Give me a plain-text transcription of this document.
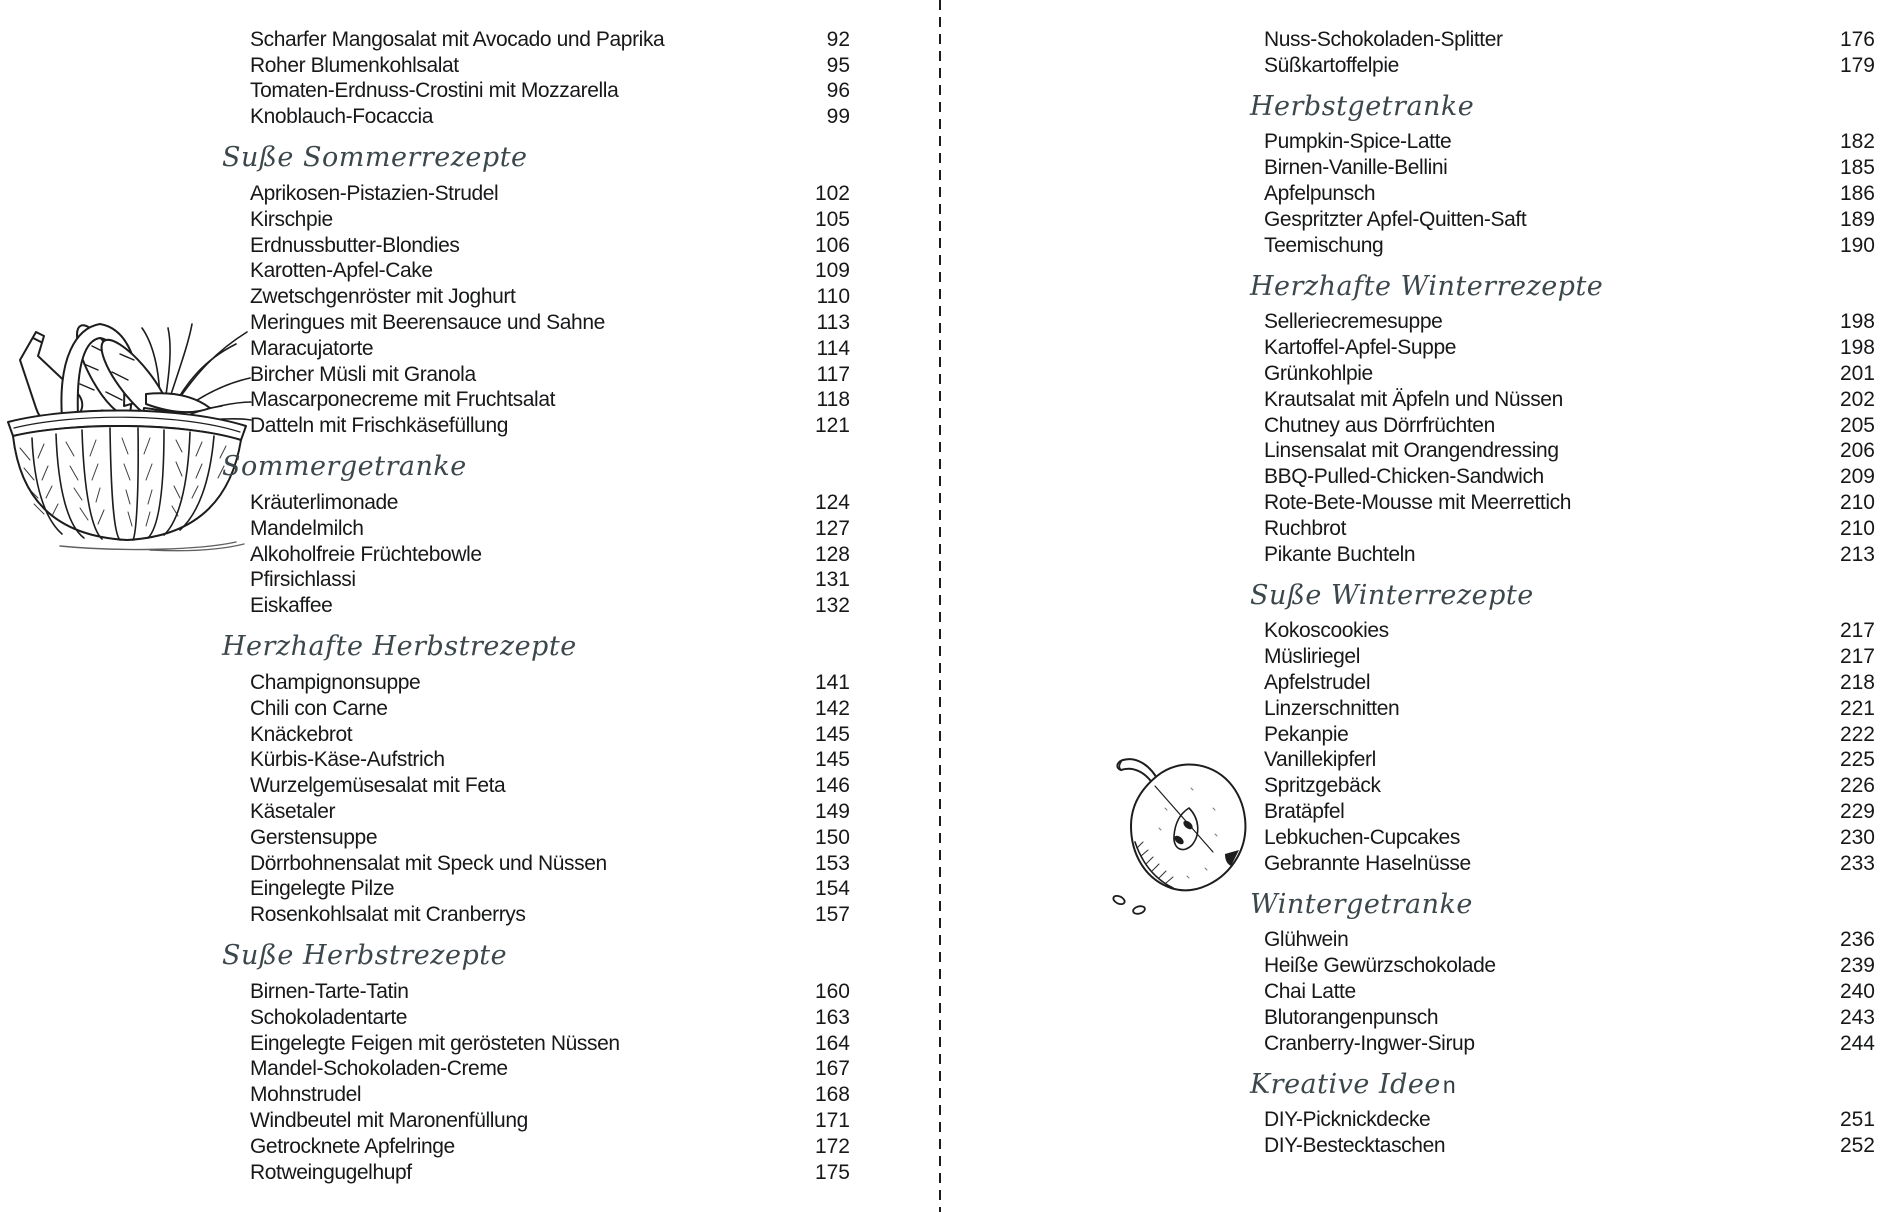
Scharfer Mangosalat mit Avocado und Paprika	92
Roher Blumenkohlsalat	95
Tomaten-Erdnuss-Crostini mit Mozzarella	96
Knoblauch-Focaccia	99
Suße Sommerrezepte
Aprikosen-Pistazien-Strudel	102
Kirschpie	105
Erdnussbutter-Blondies	106
Karotten-Apfel-Cake	109
Zwetschgenröster mit Joghurt	110
Meringues mit Beerensauce und Sahne	113
Maracujatorte	114
Bircher Müsli mit Granola	117
Mascarponecreme mit Fruchtsalat	118
Datteln mit Frischkäsefüllung	121
Sommergetranke
Kräuterlimonade	124
Mandelmilch	127
Alkoholfreie Früchtebowle	128
Pfirsichlassi	131
Eiskaffee	132
Herzhafte Herbstrezepte
Champignonsuppe	141
Chili con Carne	142
Knäckebrot	145
Kürbis-Käse-Aufstrich	145
Wurzelgemüsesalat mit Feta	146
Käsetaler	149
Gerstensuppe	150
Dörrbohnensalat mit Speck und Nüssen	153
Eingelegte Pilze	154
Rosenkohlsalat mit Cranberrys	157
Suße Herbstrezepte
Birnen-Tarte-Tatin	160
Schokoladentarte	163
Eingelegte Feigen mit gerösteten Nüssen	164
Mandel-Schokoladen-Creme	167
Mohnstrudel	168
Windbeutel mit Maronenfüllung	171
Getrocknete Apfelringe	172
Rotweingugelhupf	175
Nuss-Schokoladen-Splitter	176
Süßkartoffelpie	179
Herbstgetranke
Pumpkin-Spice-Latte	182
Birnen-Vanille-Bellini	185
Apfelpunsch	186
Gespritzter Apfel-Quitten-Saft	189
Teemischung	190
Herzhafte Winterrezepte
Selleriecremesuppe	198
Kartoffel-Apfel-Suppe	198
Grünkohlpie	201
Krautsalat mit Äpfeln und Nüssen	202
Chutney aus Dörrfrüchten	205
Linsensalat mit Orangendressing	206
BBQ-Pulled-Chicken-Sandwich	209
Rote-Bete-Mousse mit Meerrettich	210
Ruchbrot	210
Pikante Buchteln	213
Suße Winterrezepte
Kokoscookies	217
Müsliriegel	217
Apfelstrudel	218
Linzerschnitten	221
Pekanpie	222
Vanillekipferl	225
Spritzgebäck	226
Bratäpfel	229
Lebkuchen-Cupcakes	230
Gebrannte Haselnüsse	233
Wintergetranke
Glühwein	236
Heiße Gewürzschokolade	239
Chai Latte	240
Blutorangenpunsch	243
Cranberry-Ingwer-Sirup	244
Kreative Ideen
DIY-Picknickdecke	251
DIY-Bestecktaschen	252
